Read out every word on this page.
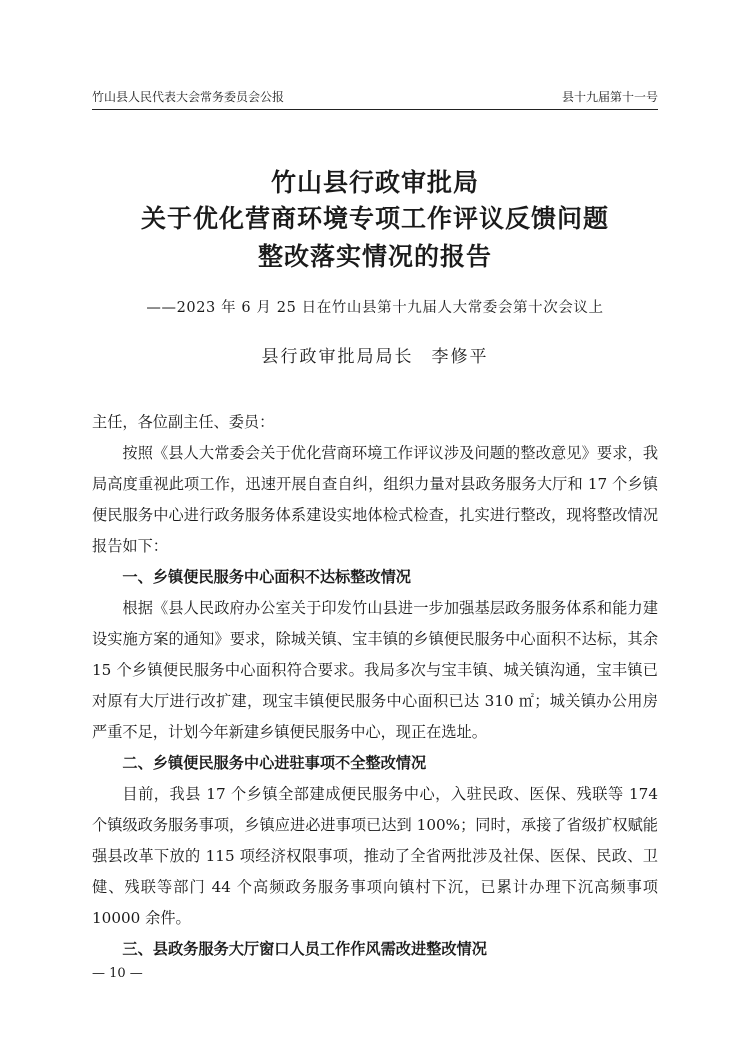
竹山县人民代表大会常务委员会公报	县十九届第十一号
竹山县行政审批局
关于优化营商环境专项工作评议反馈问题
整改落实情况的报告
——2023 年 6 月 25 日在竹山县第十九届人大常委会第十次会议上
县行政审批局局长 李修平

主任，各位副主任、委员：

按照《县人大常委会关于优化营商环境工作评议涉及问题的整改意见》要求，我局高度重视此项工作，迅速开展自查自纠，组织力量对县政务服务大厅和 17 个乡镇便民服务中心进行政务服务体系建设实地体检式检查，扎实进行整改，现将整改情况报告如下：

一、乡镇便民服务中心面积不达标整改情况

根据《县人民政府办公室关于印发竹山县进一步加强基层政务服务体系和能力建设实施方案的通知》要求，除城关镇、宝丰镇的乡镇便民服务中心面积不达标，其余 15 个乡镇便民服务中心面积符合要求。我局多次与宝丰镇、城关镇沟通，宝丰镇已对原有大厅进行改扩建，现宝丰镇便民服务中心面积已达 310 ㎡；城关镇办公用房严重不足，计划今年新建乡镇便民服务中心，现正在选址。

二、乡镇便民服务中心进驻事项不全整改情况

目前，我县 17 个乡镇全部建成便民服务中心，入驻民政、医保、残联等 174 个镇级政务服务事项，乡镇应进必进事项已达到 100%；同时，承接了省级扩权赋能强县改革下放的 115 项经济权限事项，推动了全省两批涉及社保、医保、民政、卫健、残联等部门 44 个高频政务服务事项向镇村下沉，已累计办理下沉高频事项 10000 余件。

三、县政务服务大厅窗口人员工作作风需改进整改情况
— 10 —
